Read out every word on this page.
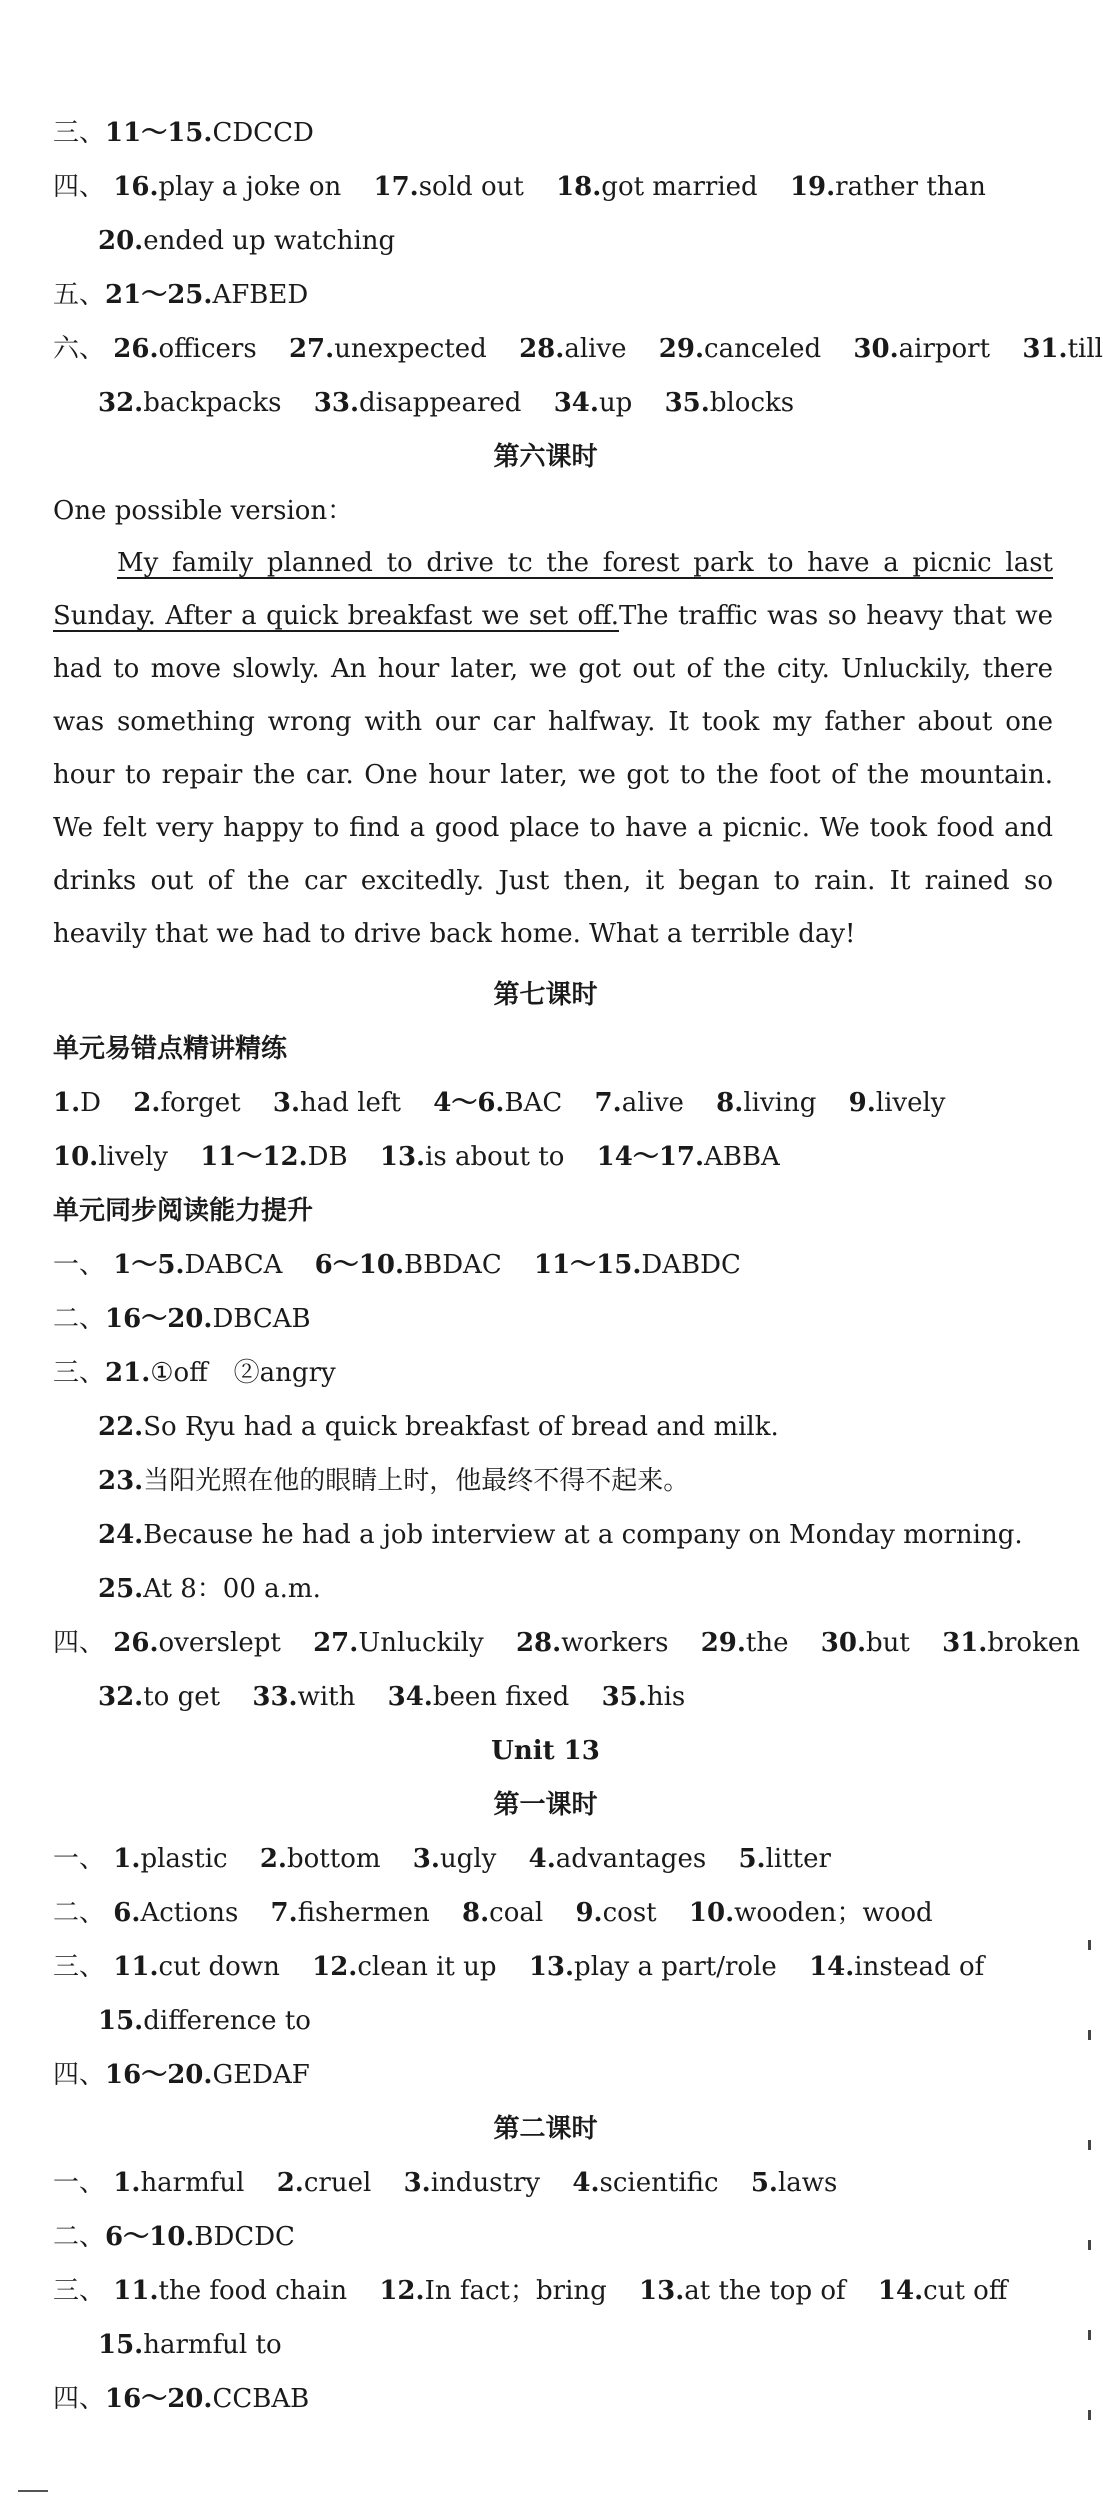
三、11～15.CDCCD
四、 16.play a joke on 17.sold out 18.got married 19.rather than
20.ended up watching
五、21～25.AFBED
六、 26.officers 27.unexpected 28.alive 29.canceled 30.airport 31.till
32.backpacks 33.disappeared 34.up 35.blocks
第六课时
One possible version：
My family planned to drive tc the forest park to have a picnic last Sunday. After a quick breakfast we set off.The traffic was so heavy that we had to move slowly. An hour later, we got out of the city. Unluckily, there was something wrong with our car halfway. It took my father about one hour to repair the car. One hour later, we got to the foot of the mountain. We felt very happy to find a good place to have a picnic. We took food and drinks out of the car excitedly. Just then, it began to rain. It rained so heavily that we had to drive back home. What a terrible day!
第七课时
单元易错点精讲精练
1.D 2.forget 3.had left 4～6.BAC 7.alive 8.living 9.lively
10.lively 11～12.DB 13.is about to 14～17.ABBA
单元同步阅读能力提升
一、 1～5.DABCA 6～10.BBDAC 11～15.DABDC
二、16～20.DBCAB
三、21.①off　②angry
22.So Ryu had a quick breakfast of bread and milk.
23.当阳光照在他的眼睛上时，他最终不得不起来。
24.Because he had a job interview at a company on Monday morning.
25.At 8：00 a.m.
四、 26.overslept 27.Unluckily 28.workers 29.the 30.but 31.broken
32.to get 33.with 34.been fixed 35.his
Unit 13
第一课时
一、 1.plastic 2.bottom 3.ugly 4.advantages 5.litter
二、 6.Actions 7.fishermen 8.coal 9.cost 10.wooden；wood
三、 11.cut down 12.clean it up 13.play a part/role 14.instead of
15.difference to
四、16～20.GEDAF
第二课时
一、 1.harmful 2.cruel 3.industry 4.scientific 5.laws
二、6～10.BDCDC
三、 11.the food chain 12.In fact；bring 13.at the top of 14.cut off
15.harmful to
四、16～20.CCBAB
